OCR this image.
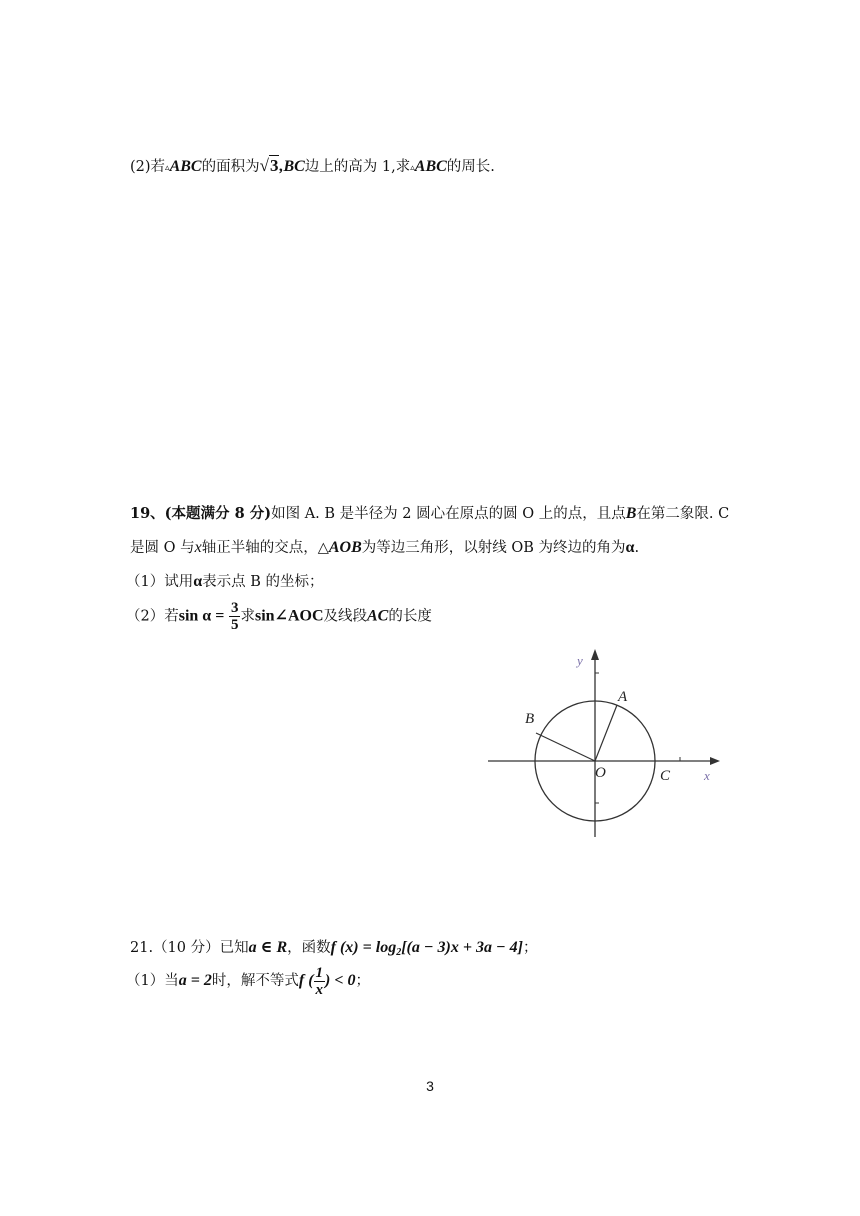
(2)若▵ABC的面积为√3,BC边上的高为 1,求▵ABC的周长.
19、(本题满分 8 分)如图 A. B 是半径为 2 圆心在原点的圆 O 上的点，且点B在第二象限. C
是圆 O 与x轴正半轴的交点，△AOB为等边三角形，以射线 OB 为终边的角为α.
（1）试用α表示点 B 的坐标；
（2）若$\sin \alpha = \frac{3}{5}$ 求sin∠AOC及线段AC的长度
y
x
A
B
O	C
21.（10 分）已知a ∈ R，函数f $(x) = \log_2[(a - 3)x + 3a - 4]$；
（1）当a = 2时，解不等式f ( $\frac{1}{x}$ ) < 0；
3
